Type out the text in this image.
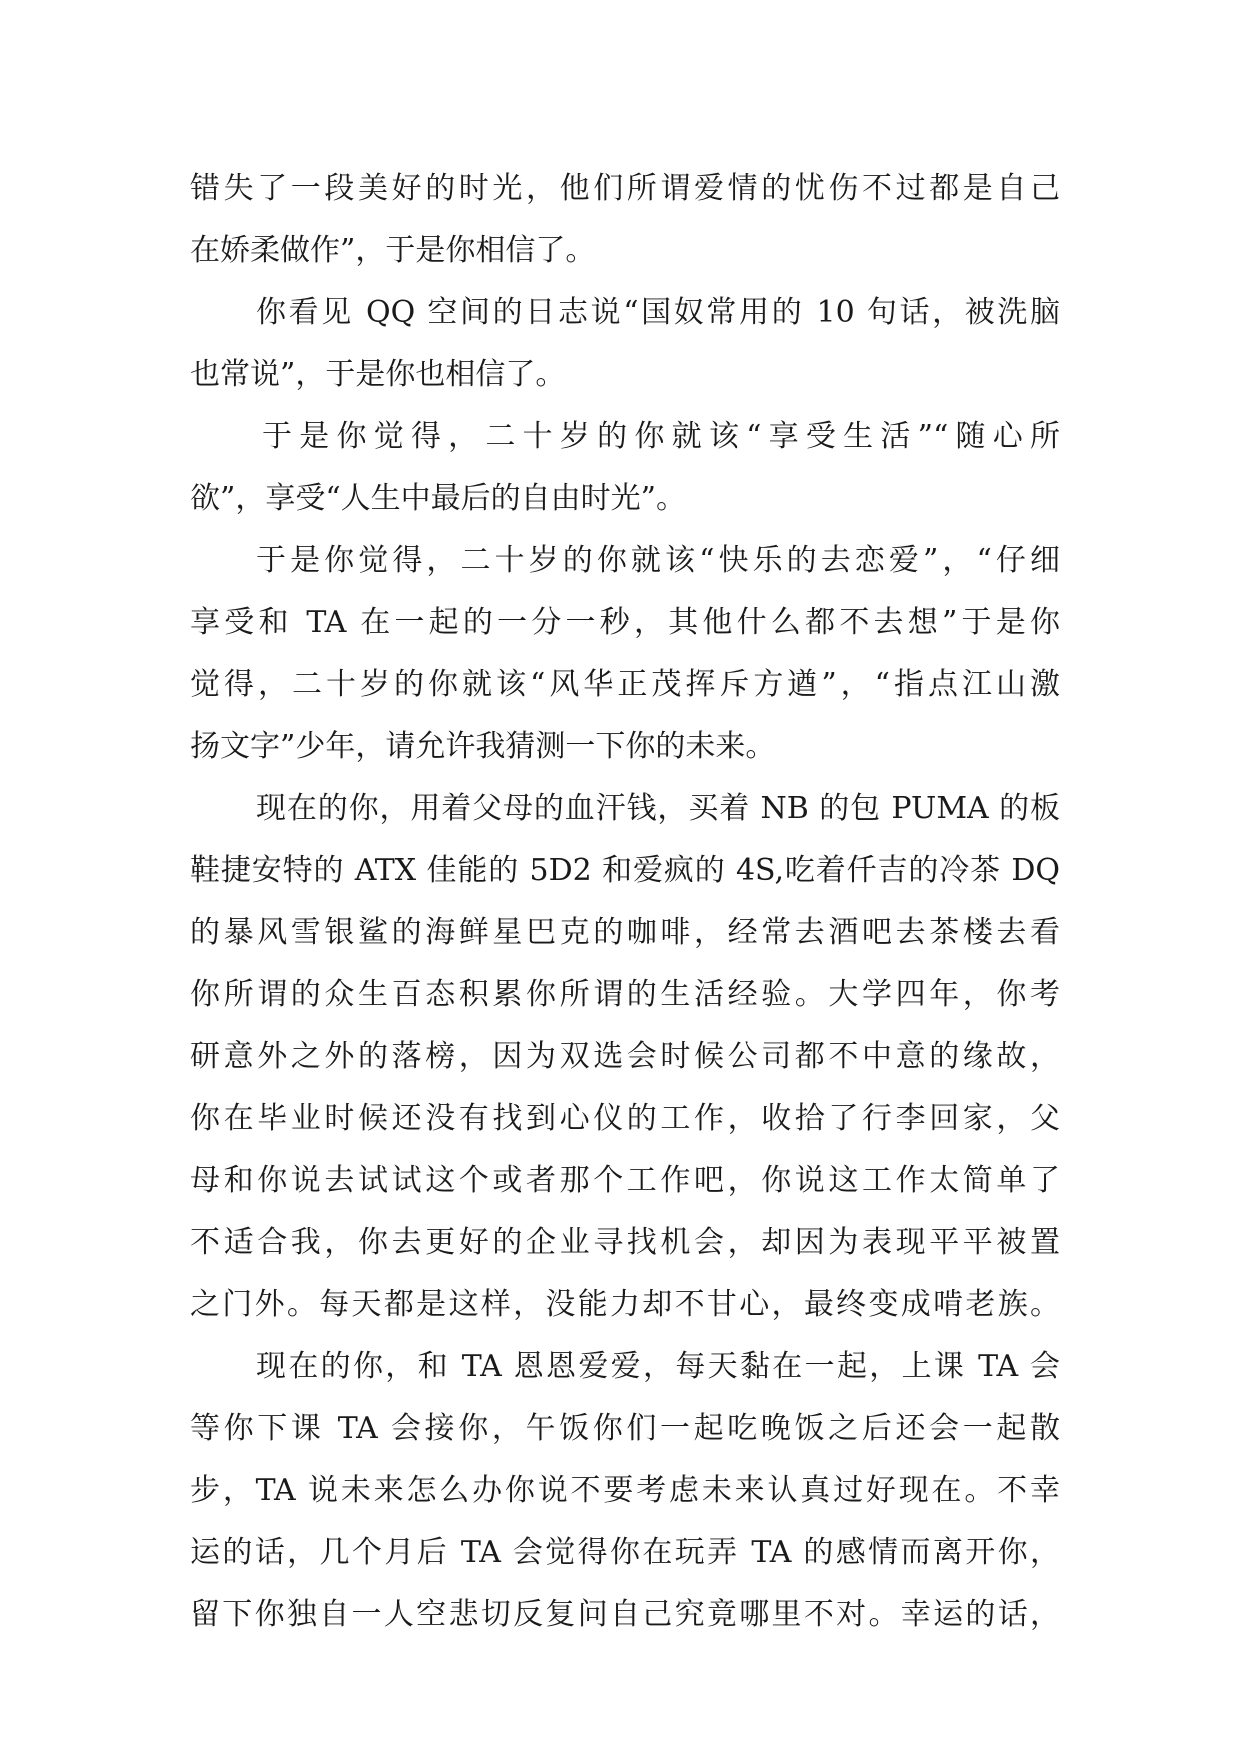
错失了一段美好的时光，他们所谓爱情的忧伤不过都是自己
在娇柔做作”，于是你相信了。
你看见 QQ 空间的日志说“国奴常用的 10 句话，被洗脑
也常说”，于是你也相信了。
于是你觉得，二十岁的你就该“享受生活”“随心所
欲”，享受“人生中最后的自由时光”。
于是你觉得，二十岁的你就该“快乐的去恋爱”，“仔细
享受和 TA 在一起的一分一秒，其他什么都不去想”于是你
觉得，二十岁的你就该“风华正茂挥斥方遒”，“指点江山激
扬文字”少年，请允许我猜测一下你的未来。
现在的你，用着父母的血汗钱，买着 NB 的包 PUMA 的板
鞋捷安特的 ATX 佳能的 5D2 和爱疯的 4S,吃着仟吉的冷茶 DQ
的暴风雪银鲨的海鲜星巴克的咖啡，经常去酒吧去茶楼去看
你所谓的众生百态积累你所谓的生活经验。大学四年，你考
研意外之外的落榜，因为双选会时候公司都不中意的缘故，
你在毕业时候还没有找到心仪的工作，收拾了行李回家，父
母和你说去试试这个或者那个工作吧，你说这工作太简单了
不适合我，你去更好的企业寻找机会，却因为表现平平被置
之门外。每天都是这样，没能力却不甘心，最终变成啃老族。
现在的你，和 TA 恩恩爱爱，每天黏在一起，上课 TA 会
等你下课 TA 会接你，午饭你们一起吃晚饭之后还会一起散
步，TA 说未来怎么办你说不要考虑未来认真过好现在。不幸
运的话，几个月后 TA 会觉得你在玩弄 TA 的感情而离开你，
留下你独自一人空悲切反复问自己究竟哪里不对。幸运的话，
